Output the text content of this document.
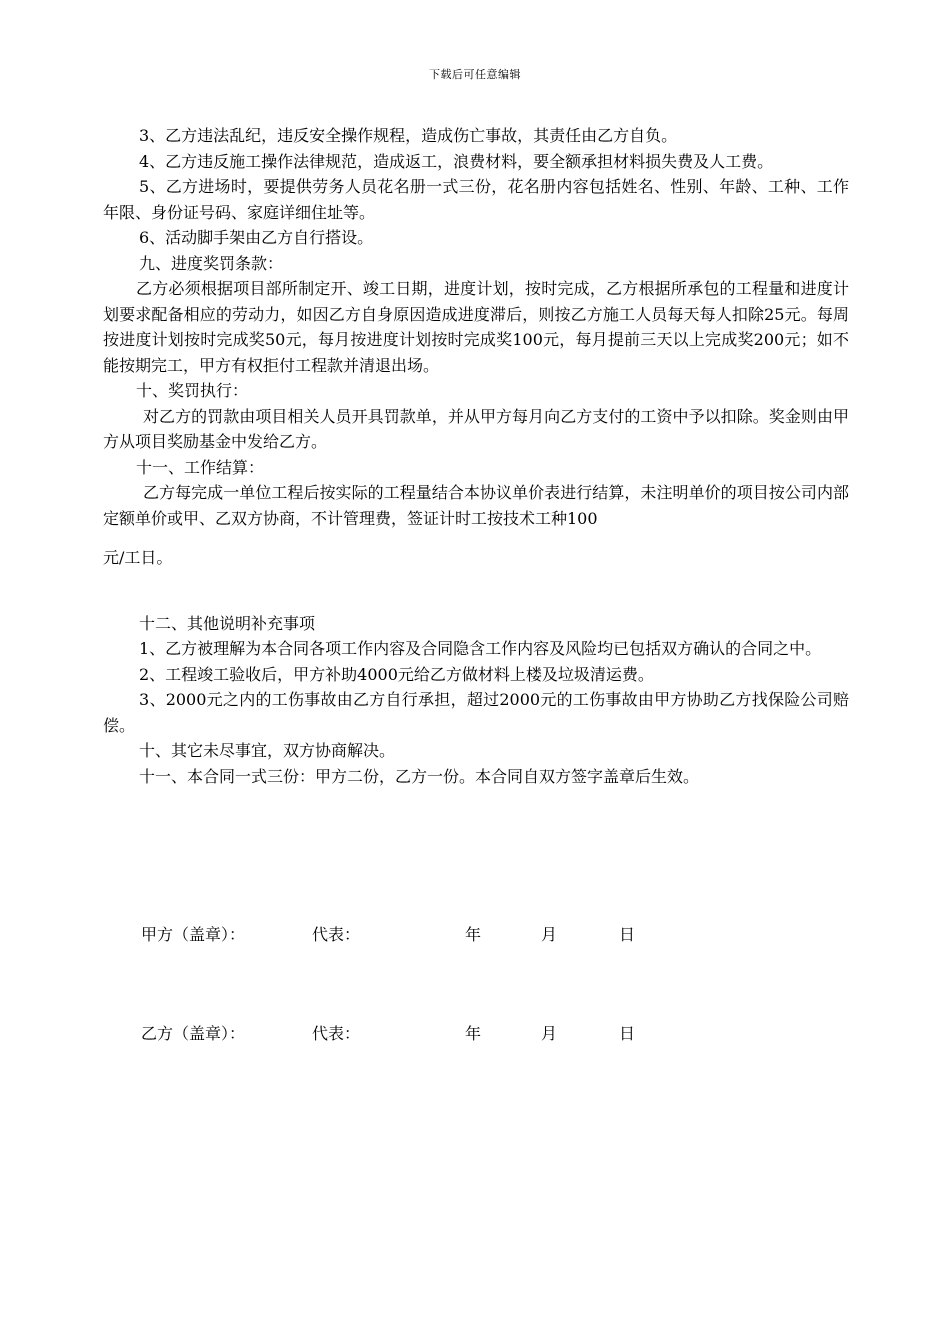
下载后可任意编辑

3、乙方违法乱纪，违反安全操作规程，造成伤亡事故，其责任由乙方自负。

4、乙方违反施工操作法律规范，造成返工，浪费材料，要全额承担材料损失费及人工费。

5、乙方进场时，要提供劳务人员花名册一式三份，花名册内容包括姓名、性别、年龄、工种、工作年限、身份证号码、家庭详细住址等。

6、活动脚手架由乙方自行搭设。

九、进度奖罚条款：

乙方必须根据项目部所制定开、竣工日期，进度计划，按时完成，乙方根据所承包的工程量和进度计划要求配备相应的劳动力，如因乙方自身原因造成进度滞后，则按乙方施工人员每天每人扣除25元。每周按进度计划按时完成奖50元，每月按进度计划按时完成奖100元，每月提前三天以上完成奖200元；如不能按期完工，甲方有权拒付工程款并清退出场。

十、奖罚执行：

对乙方的罚款由项目相关人员开具罚款单，并从甲方每月向乙方支付的工资中予以扣除。奖金则由甲方从项目奖励基金中发给乙方。

十一、工作结算：

乙方每完成一单位工程后按实际的工程量结合本协议单价表进行结算，未注明单价的项目按公司内部定额单价或甲、乙双方协商，不计管理费，签证计时工按技术工种100

元/工日。

十二、其他说明补充事项

1、乙方被理解为本合同各项工作内容及合同隐含工作内容及风险均已包括双方确认的合同之中。

2、工程竣工验收后，甲方补助4000元给乙方做材料上楼及垃圾清运费。

3、2000元之内的工伤事故由乙方自行承担，超过2000元的工伤事故由甲方协助乙方找保险公司赔偿。

十、其它未尽事宜，双方协商解决。

十一、本合同一式三份：甲方二份，乙方一份。本合同自双方签字盖章后生效。

甲方（盖章）：	代表：	年	月	日
乙方（盖章）：	代表：	年	月	日
